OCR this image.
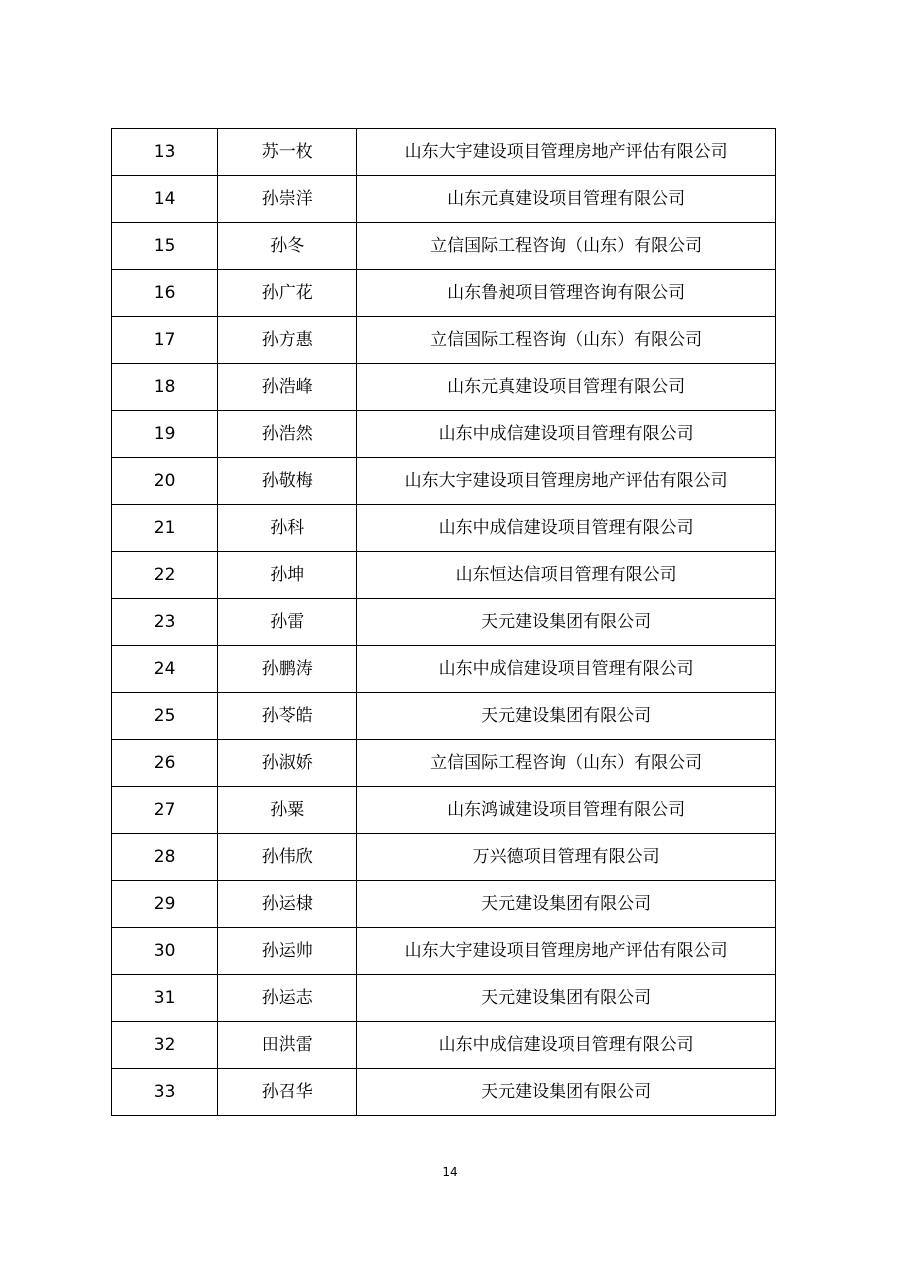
13	苏一枚	山东大宇建设项目管理房地产评估有限公司
14	孙崇洋	山东元真建设项目管理有限公司
15	孙冬	立信国际工程咨询（山东）有限公司
16	孙广花	山东鲁昶项目管理咨询有限公司
17	孙方惠	立信国际工程咨询（山东）有限公司
18	孙浩峰	山东元真建设项目管理有限公司
19	孙浩然	山东中成信建设项目管理有限公司
20	孙敬梅	山东大宇建设项目管理房地产评估有限公司
21	孙科	山东中成信建设项目管理有限公司
22	孙坤	山东恒达信项目管理有限公司
23	孙雷	天元建设集团有限公司
24	孙鹏涛	山东中成信建设项目管理有限公司
25	孙苓皓	天元建设集团有限公司
26	孙淑娇	立信国际工程咨询（山东）有限公司
27	孙粟	山东鸿诚建设项目管理有限公司
28	孙伟欣	万兴德项目管理有限公司
29	孙运棣	天元建设集团有限公司
30	孙运帅	山东大宇建设项目管理房地产评估有限公司
31	孙运志	天元建设集团有限公司
32	田洪雷	山东中成信建设项目管理有限公司
33	孙召华	天元建设集团有限公司
14
